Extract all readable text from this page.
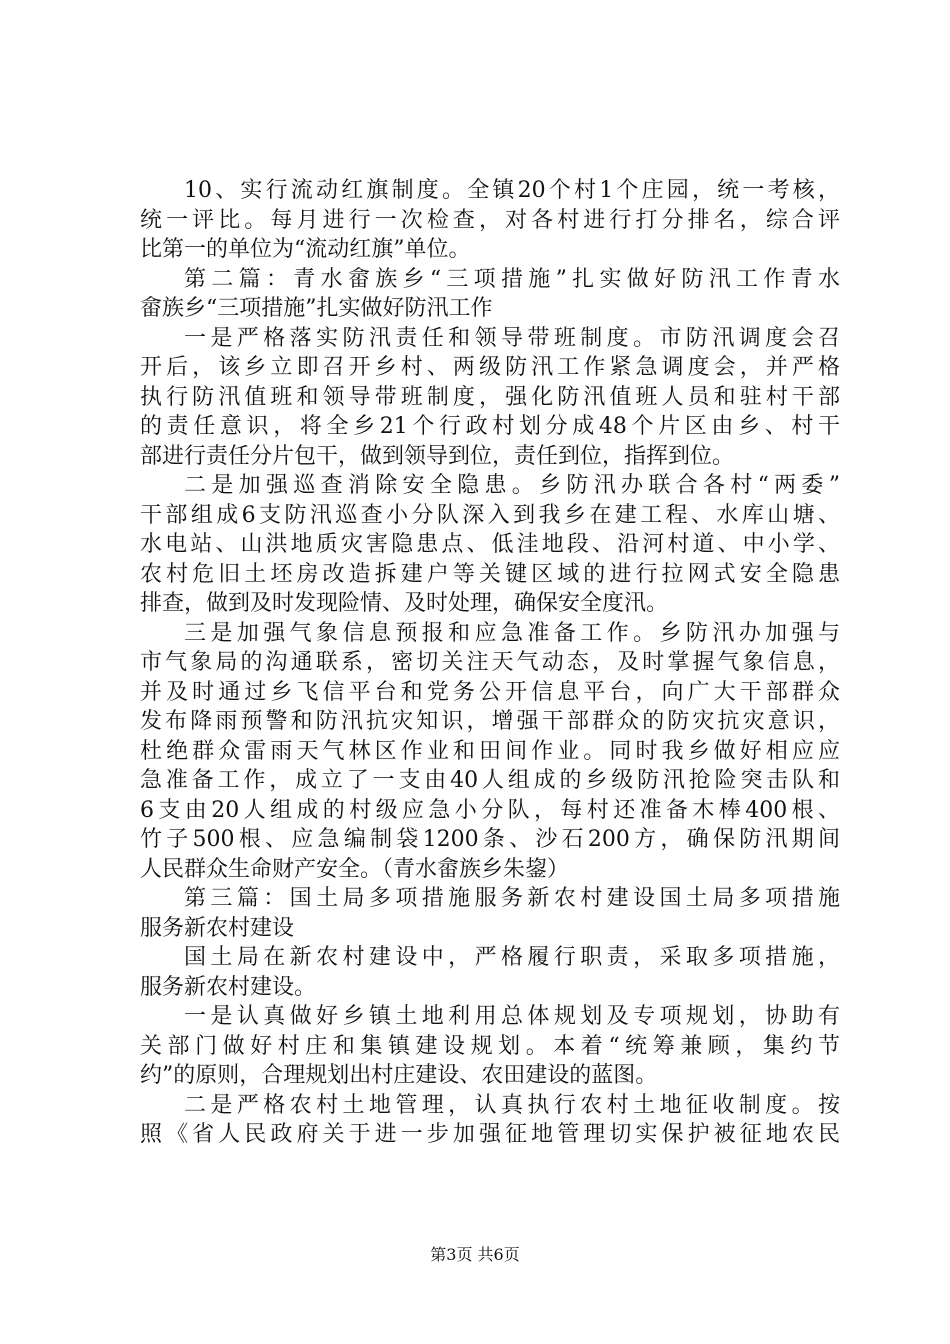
10、实行流动红旗制度。全镇20个村1个庄园，统一考核，
统一评比。每月进行一次检查，对各村进行打分排名，综合评
比第一的单位为“流动红旗”单位。
第二篇：青水畲族乡“三项措施”扎实做好防汛工作青水
畲族乡“三项措施”扎实做好防汛工作
一是严格落实防汛责任和领导带班制度。市防汛调度会召
开后，该乡立即召开乡村、两级防汛工作紧急调度会，并严格
执行防汛值班和领导带班制度，强化防汛值班人员和驻村干部
的责任意识，将全乡21个行政村划分成48个片区由乡、村干
部进行责任分片包干，做到领导到位，责任到位，指挥到位。
二是加强巡查消除安全隐患。乡防汛办联合各村“两委”
干部组成6支防汛巡查小分队深入到我乡在建工程、水库山塘、
水电站、山洪地质灾害隐患点、低洼地段、沿河村道、中小学、
农村危旧土坯房改造拆建户等关键区域的进行拉网式安全隐患
排查，做到及时发现险情、及时处理，确保安全度汛。
三是加强气象信息预报和应急准备工作。乡防汛办加强与
市气象局的沟通联系，密切关注天气动态，及时掌握气象信息，
并及时通过乡飞信平台和党务公开信息平台，向广大干部群众
发布降雨预警和防汛抗灾知识，增强干部群众的防灾抗灾意识，
杜绝群众雷雨天气林区作业和田间作业。同时我乡做好相应应
急准备工作，成立了一支由40人组成的乡级防汛抢险突击队和
6支由20人组成的村级应急小分队，每村还准备木棒400根、
竹子500根、应急编制袋1200条、沙石200方，确保防汛期间
人民群众生命财产安全。（青水畲族乡朱鋆）
第三篇：国土局多项措施服务新农村建设国土局多项措施
服务新农村建设
国土局在新农村建设中，严格履行职责，采取多项措施，
服务新农村建设。
一是认真做好乡镇土地利用总体规划及专项规划，协助有
关部门做好村庄和集镇建设规划。本着“统筹兼顾，集约节
约”的原则，合理规划出村庄建设、农田建设的蓝图。
二是严格农村土地管理，认真执行农村土地征收制度。按
照《省人民政府关于进一步加强征地管理切实保护被征地农民
第3页 共6页
